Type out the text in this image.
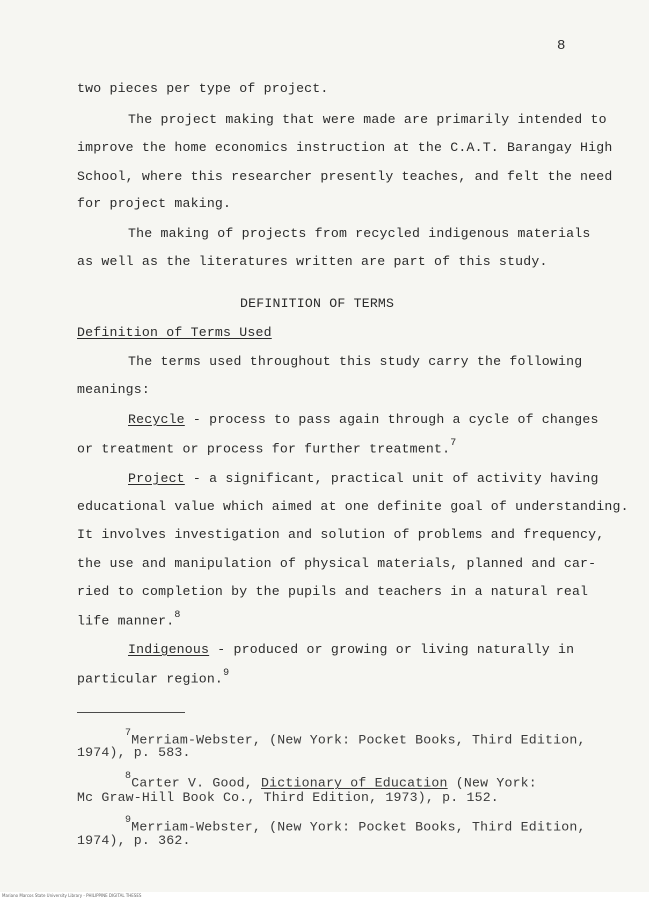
8
two pieces per type of project.
The project making that were made are primarily intended to
improve the home economics instruction at the C.A.T. Barangay High
School, where this researcher presently teaches, and felt the need
for project making.
The making of projects from recycled indigenous materials
as well as the literatures written are part of this study.
DEFINITION OF TERMS
Definition of Terms Used
The terms used throughout this study carry the following
meanings:
Recycle - process to pass again through a cycle of changes
or treatment or process for further treatment.$^7$
Project - a significant, practical unit of activity having
educational value which aimed at one definite goal of understanding.
It involves investigation and solution of problems and frequency,
the use and manipulation of physical materials, planned and car-
ried to completion by the pupils and teachers in a natural real
life manner.$^8$
Indigenous - produced or growing or living naturally in
particular region.$^9$
$^7$Merriam-Webster, (New York: Pocket Books, Third Edition,
1974), p. 583.
$^8$Carter V. Good, Dictionary of Education (New York:
Mc Graw-Hill Book Co., Third Edition, 1973), p. 152.
$^9$Merriam-Webster, (New York: Pocket Books, Third Edition,
1974), p. 362.
Mariano Marcos State University Library - PHILIPPINE DIGITAL THESES
